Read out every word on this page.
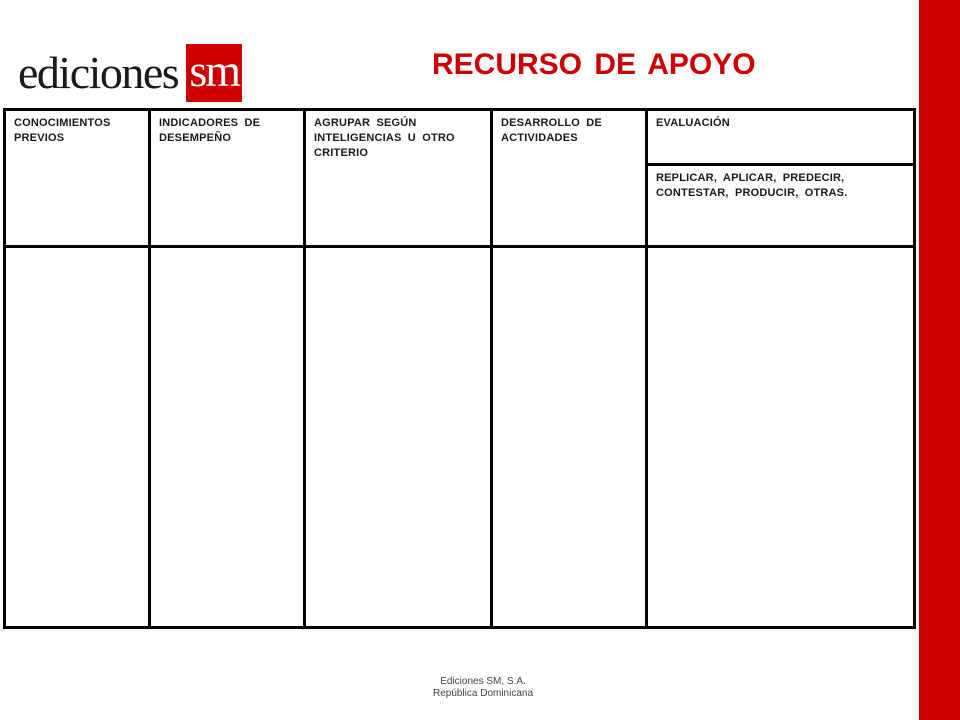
ediciones sm	RECURSO DE APOYO
CONOCIMIENTOS PREVIOS	INDICADORES DE DESEMPEÑO	AGRUPAR SEGÚN INTELIGENCIAS U OTRO CRITERIO	DESARROLLO DE ACTIVIDADES	EVALUACIÓN
				REPLICAR, APLICAR, PREDECIR, CONTESTAR, PRODUCIR, OTRAS.

Ediciones SM, S.A.
República Dominicana
